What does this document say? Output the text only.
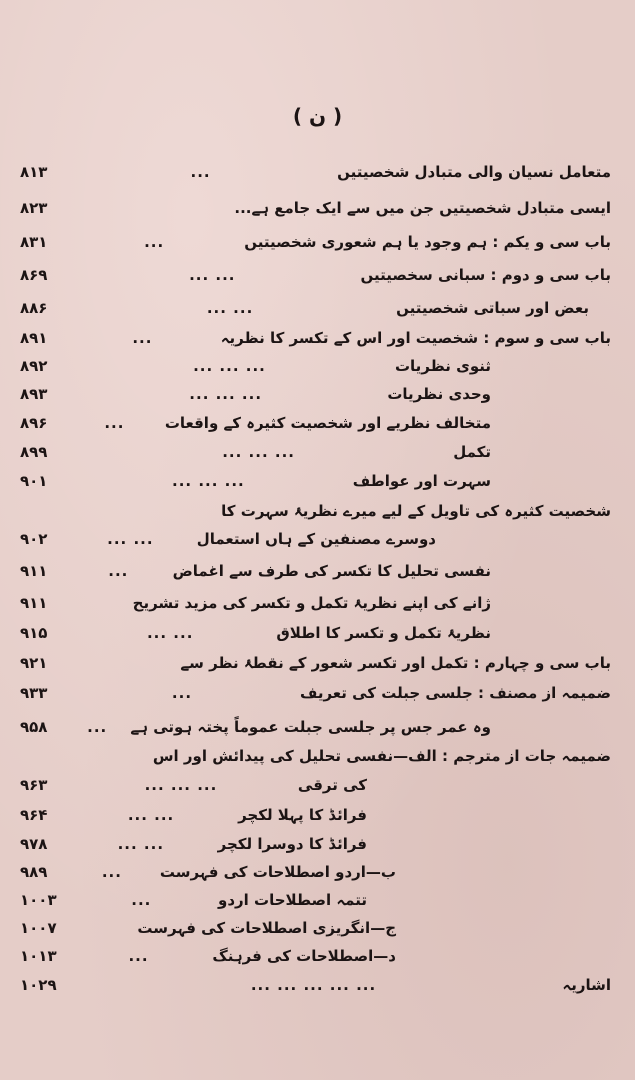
( ن )
متعامل نسیان والی متبادل شخصیتیں
...
۸۱۳
ایسی متبادل شخصیتیں جن میں سے ایک جامع ہے...
۸۲۳
باب سی و یکم : ہم وجود یا ہم شعوری شخصیتیں
...
۸۳۱
باب سی و دوم : سبانی سخصیتیں
... ...
۸۶۹
بعض اور سباتی شخصیتیں
... ...
۸۸۶
باب سی و سوم : شخصیت اور اس کے تکسر کا نظریہ
...
۸۹۱
ثنوی نظریات
... ... ...
۸۹۲
وحدی نظریات
... ... ...
۸۹۳
متخالف نظریے اور شخصیت کثیرہ کے واقعات
...
۸۹۶
تکمل
... ... ...
۸۹۹
سہرت اور عواطف
... ... ...
۹۰۱
شخصیت کثیرہ کی تاویل کے لیے میرے نظریۂ سہرت کا
دوسرے مصنفین کے ہاں استعمال
... ...
۹۰۲
نفسی تحلیل کا تکسر کی طرف سے اغماض
...
۹۱۱
ژانے کی اپنے نظریۂ تکمل و تکسر کی مزید تشریح
۹۱۱
نظریۂ تکمل و تکسر کا اطلاق
... ...
۹۱۵
باب سی و چہارم : تکمل اور تکسر شعور کے نقطۂ نظر سے
۹۲۱
ضمیمہ از مصنف : جلسی جبلت کی تعریف
...
۹۳۳
وہ عمر جس پر جلسی جبلت عموماً پختہ ہوتی ہے
...
۹۵۸
ضمیمہ جات از مترجم : الف—نفسی تحلیل کی پیدائش اور اس
کی ترقی
... ... ...
۹۶۳
فرائڈ کا پہلا لکچر
... ...
۹۶۴
فرائڈ کا دوسرا لکچر
... ...
۹۷۸
ب—اردو اصطلاحات کی فہرست
...
۹۸۹
تتمہ اصطلاحات اردو
...
۱۰۰۳
ج—انگریزی اصطلاحات کی فہرست
۱۰۰۷
د—اصطلاحات کی فرہنگ
...
۱۰۱۳
اشاریہ
... ... ... ... ...
۱۰۲۹
